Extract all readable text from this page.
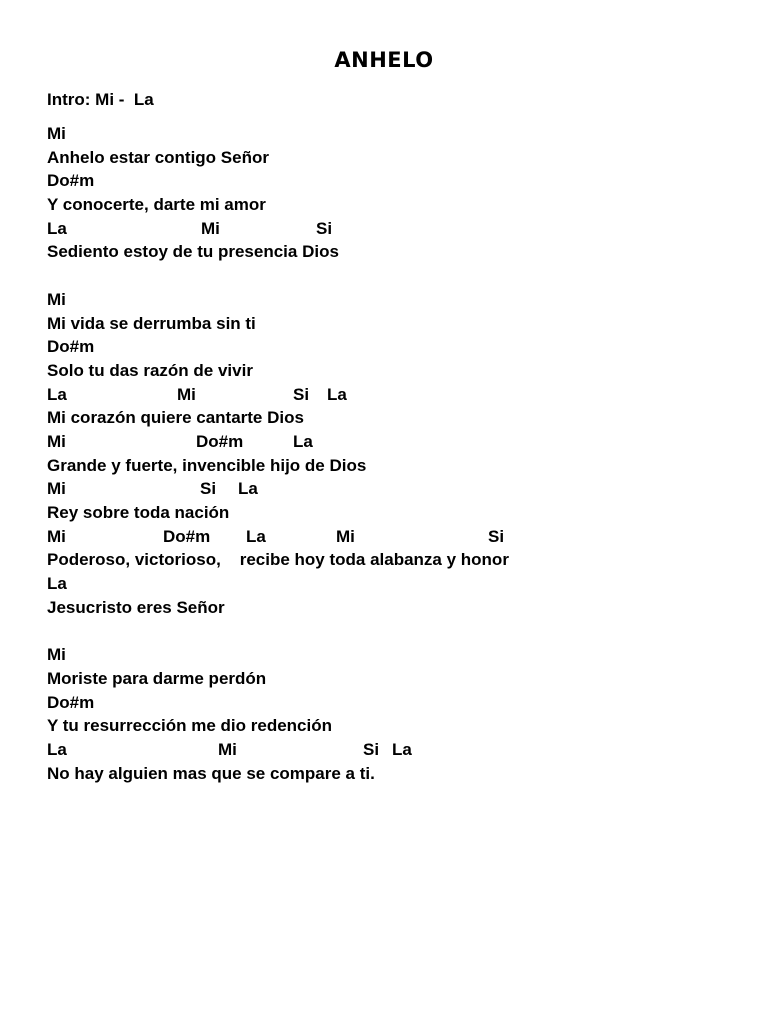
ANHELO
Intro: Mi -  La
Mi
Anhelo estar contigo Señor
Do#m
Y conocerte, darte mi amor
La	Mi	Si
Sediento estoy de tu presencia Dios
Mi
Mi vida se derrumba sin ti
Do#m
Solo tu das razón de vivir
La	Mi	Si La
Mi corazón quiere cantarte Dios
Mi	Do#m	La
Grande y fuerte, invencible hijo de Dios
Mi	Si La
Rey sobre toda nación
Mi	Do#m La	Mi	Si
Poderoso, victorioso,    recibe hoy toda alabanza y honor
La
Jesucristo eres Señor
Mi
Moriste para darme perdón
Do#m
Y tu resurrección me dio redención
La	Mi	Si La
No hay alguien mas que se compare a ti.
